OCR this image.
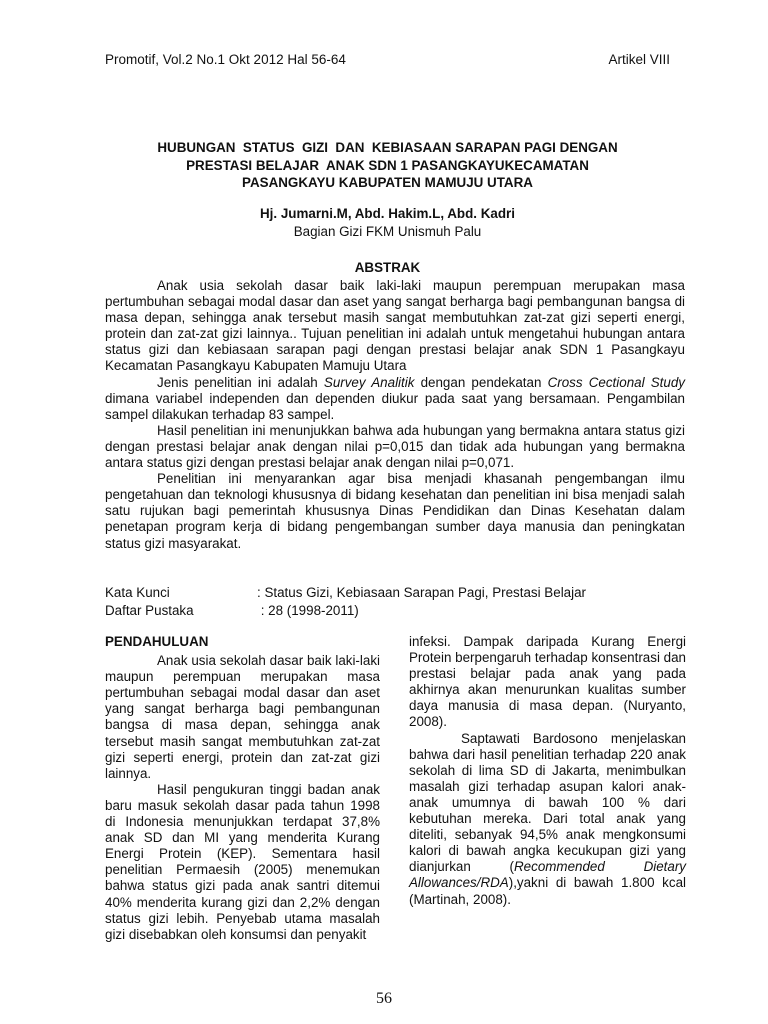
Promotif, Vol.2 No.1 Okt 2012 Hal 56-64	Artikel VIII
HUBUNGAN  STATUS  GIZI  DAN  KEBIASAAN SARAPAN PAGI DENGAN
PRESTASI BELAJAR  ANAK SDN 1 PASANGKAYUKECAMATAN
PASANGKAYU KABUPATEN MAMUJU UTARA
Hj. Jumarni.M, Abd. Hakim.L, Abd. Kadri
Bagian Gizi FKM Unismuh Palu
ABSTRAK

Anak usia sekolah dasar baik laki-laki maupun perempuan merupakan masa pertumbuhan sebagai modal dasar dan aset yang sangat berharga bagi pembangunan bangsa di masa depan, sehingga anak tersebut masih sangat membutuhkan zat-zat gizi seperti energi, protein dan zat-zat gizi lainnya.. Tujuan penelitian ini adalah untuk mengetahui hubungan antara status gizi dan kebiasaan sarapan pagi dengan prestasi belajar anak SDN 1 Pasangkayu Kecamatan Pasangkayu Kabupaten Mamuju Utara

Jenis penelitian ini adalah Survey Analitik dengan pendekatan Cross Cectional Study dimana variabel independen dan dependen diukur pada saat yang bersamaan. Pengambilan sampel dilakukan terhadap 83 sampel.

Hasil penelitian ini menunjukkan bahwa ada hubungan yang bermakna antara status gizi dengan prestasi belajar anak dengan nilai p=0,015 dan tidak ada hubungan yang bermakna antara status gizi dengan prestasi belajar anak dengan nilai p=0,071.

Penelitian ini menyarankan agar bisa menjadi khasanah pengembangan ilmu pengetahuan dan teknologi khususnya di bidang kesehatan dan penelitian ini bisa menjadi salah satu rujukan bagi pemerintah khususnya Dinas Pendidikan dan Dinas Kesehatan dalam penetapan program kerja di bidang pengembangan sumber daya manusia dan peningkatan status gizi masyarakat.

Kata Kunci	: Status Gizi, Kebiasaan Sarapan Pagi, Prestasi Belajar
Daftar Pustaka	: 28 (1998-2011)
PENDAHULUAN

Anak usia sekolah dasar baik laki-laki maupun perempuan merupakan masa pertumbuhan sebagai modal dasar dan aset yang sangat berharga bagi pembangunan bangsa di masa depan, sehingga anak tersebut masih sangat membutuhkan zat-zat gizi seperti energi, protein dan zat-zat gizi lainnya.

Hasil pengukuran tinggi badan anak baru masuk sekolah dasar pada tahun 1998 di Indonesia menunjukkan terdapat 37,8% anak SD dan MI yang menderita Kurang Energi Protein (KEP). Sementara hasil penelitian Permaesih (2005) menemukan bahwa status gizi pada anak santri ditemui 40% menderita kurang gizi dan 2,2% dengan status gizi lebih. Penyebab utama masalah gizi disebabkan oleh konsumsi dan penyakit

infeksi. Dampak daripada Kurang Energi Protein berpengaruh terhadap konsentrasi dan prestasi belajar pada anak yang pada akhirnya akan menurunkan kualitas sumber daya manusia di masa depan. (Nuryanto, 2008).

Saptawati Bardosono menjelaskan bahwa dari hasil penelitian terhadap 220 anak sekolah di lima SD di Jakarta, menimbulkan masalah gizi terhadap asupan kalori anak-anak umumnya di bawah 100 % dari kebutuhan mereka. Dari total anak yang diteliti, sebanyak 94,5% anak mengkonsumi kalori di bawah angka kecukupan gizi yang dianjurkan (Recommended Dietary Allowances/RDA),yakni di bawah 1.800 kcal (Martinah, 2008).

56
